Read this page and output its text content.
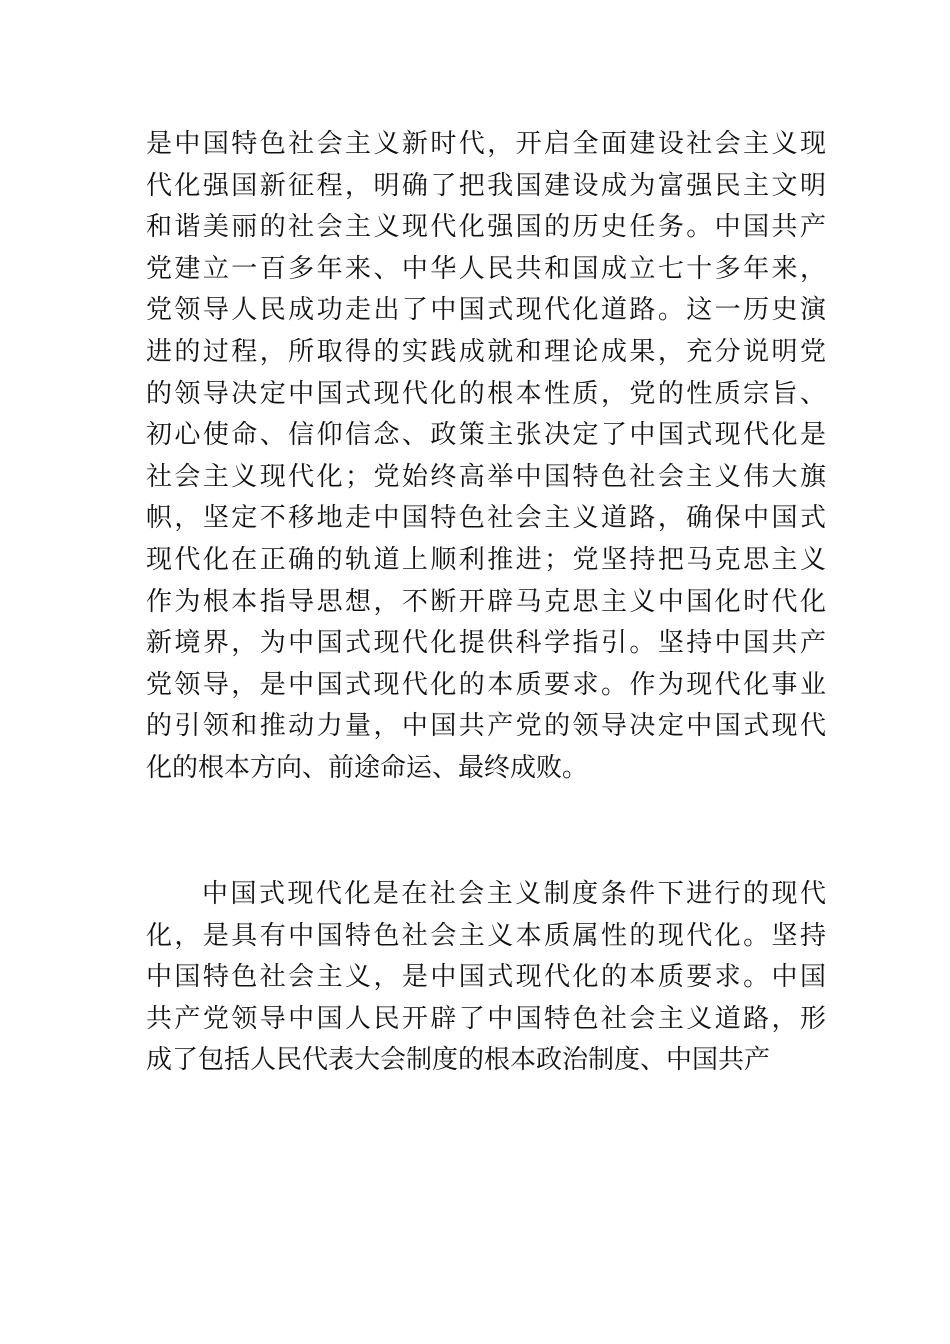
是中国特色社会主义新时代，开启全面建设社会主义现
代化强国新征程，明确了把我国建设成为富强民主文明
和谐美丽的社会主义现代化强国的历史任务。中国共产
党建立一百多年来、中华人民共和国成立七十多年来，
党领导人民成功走出了中国式现代化道路。这一历史演
进的过程，所取得的实践成就和理论成果，充分说明党
的领导决定中国式现代化的根本性质，党的性质宗旨、
初心使命、信仰信念、政策主张决定了中国式现代化是
社会主义现代化；党始终高举中国特色社会主义伟大旗
帜，坚定不移地走中国特色社会主义道路，确保中国式
现代化在正确的轨道上顺利推进；党坚持把马克思主义
作为根本指导思想，不断开辟马克思主义中国化时代化
新境界，为中国式现代化提供科学指引。坚持中国共产
党领导，是中国式现代化的本质要求。作为现代化事业
的引领和推动力量，中国共产党的领导决定中国式现代
化的根本方向、前途命运、最终成败。

中国式现代化是在社会主义制度条件下进行的现代
化，是具有中国特色社会主义本质属性的现代化。坚持
中国特色社会主义，是中国式现代化的本质要求。中国
共产党领导中国人民开辟了中国特色社会主义道路，形
成了包括人民代表大会制度的根本政治制度、中国共产
